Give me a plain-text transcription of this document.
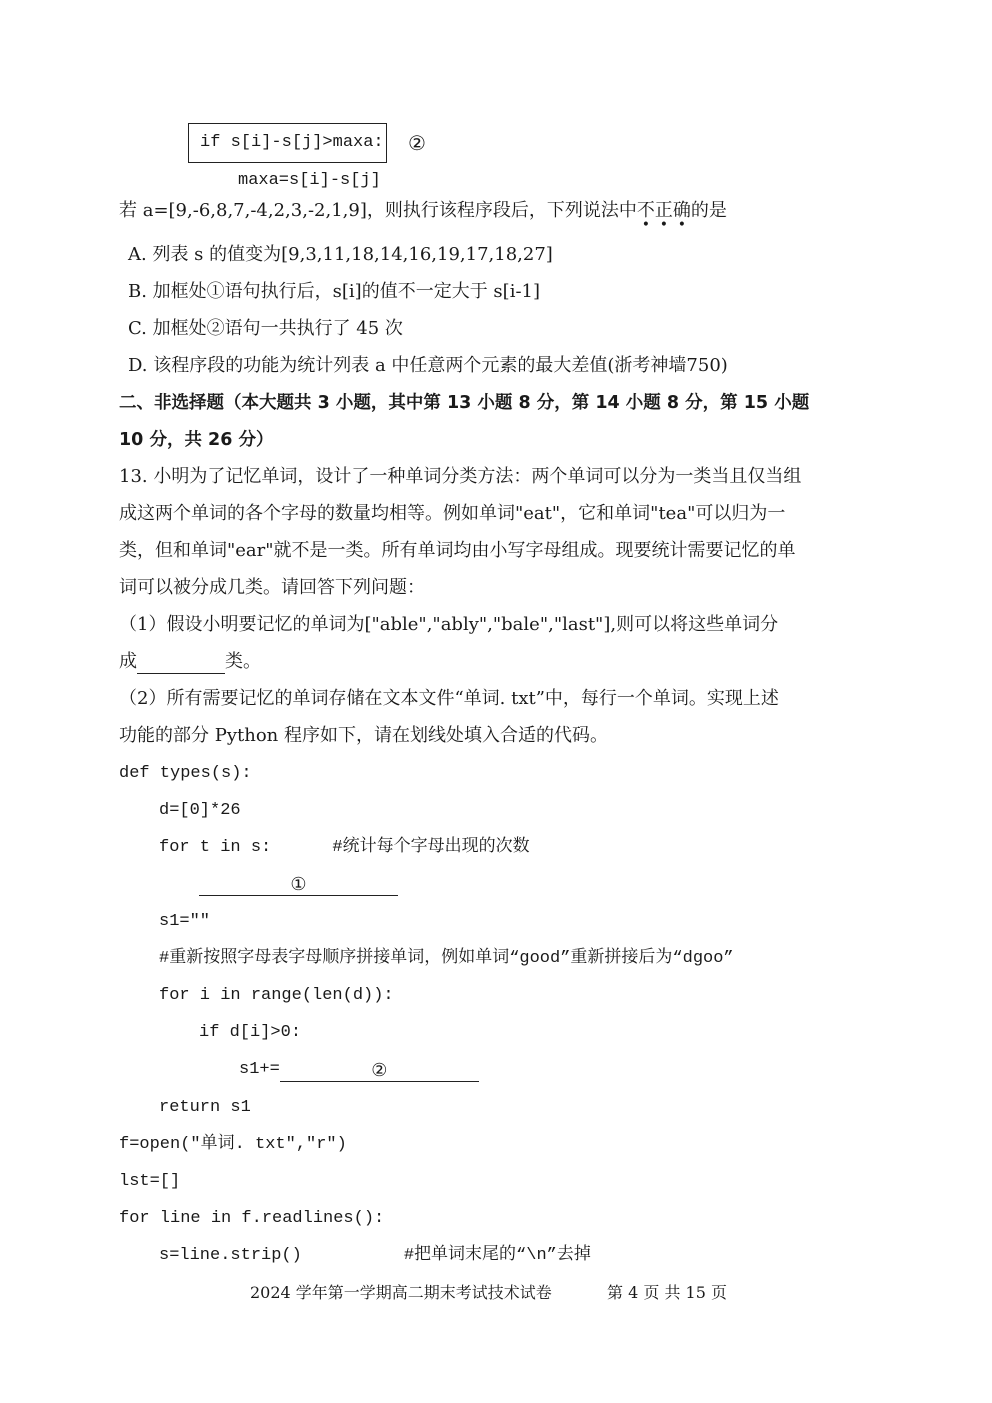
if s[i]-s[j]>maxa: ②
maxa=s[i]-s[j]
若 a=[9,-6,8,7,-4,2,3,-2,1,9]，则执行该程序段后，下列说法中不
•
正
•
确
•
的是
A. 列表 s 的值变为[9,3,11,18,14,16,19,17,18,27]
B. 加框处①语句执行后，s[i]的值不一定大于 s[i-1]
C. 加框处②语句一共执行了 45 次
D. 该程序段的功能为统计列表 a 中任意两个元素的最大差值(浙考神墙750)
二、非选择题（本大题共 3 小题，其中第 13 小题 8 分，第 14 小题 8 分，第 15 小题
10 分，共 26 分）
13. 小明为了记忆单词，设计了一种单词分类方法：两个单词可以分为一类当且仅当组
成这两个单词的各个字母的数量均相等。例如单词"eat"，它和单词"tea"可以归为一
类，但和单词"ear"就不是一类。所有单词均由小写字母组成。现要统计需要记忆的单
词可以被分成几类。请回答下列问题：
（1）假设小明要记忆的单词为["able","ably","bale","last"],则可以将这些单词分
成	类。
（2）所有需要记忆的单词存储在文本文件“单词. txt”中，每行一个单词。实现上述
功能的部分 Python 程序如下，请在划线处填入合适的代码。
def types(s):
d=[0]*26
for t in s:      #统计每个字母出现的次数
①
s1=""
#重新按照字母表字母顺序拼接单词，例如单词“good”重新拼接后为“dgoo”
for i in range(len(d)):
if d[i]>0:
s1+=	②
return s1
f=open("单词. txt","r")
lst=[]
for line in f.readlines():
s=line.strip()          #把单词末尾的“\n”去掉
2024 学年第一学期高二期末考试技术试卷	第 4 页 共 15 页
